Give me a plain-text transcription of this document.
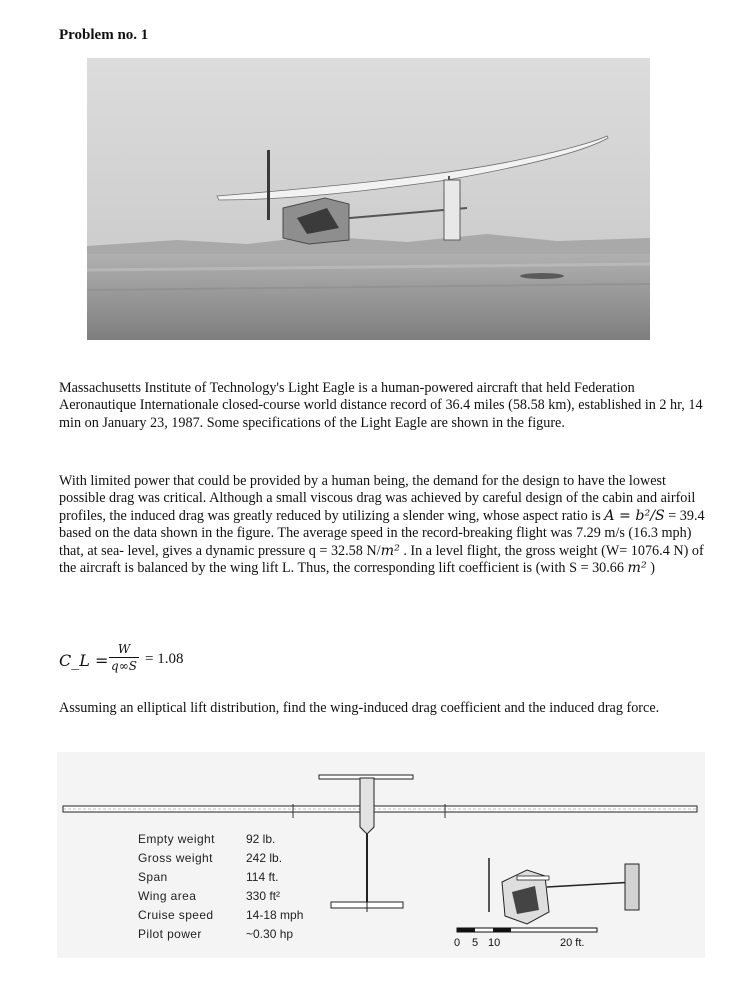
Problem no. 1
Massachusetts Institute of Technology's Light Eagle is a human-powered aircraft that held Federation Aeronautique Internationale closed-course world distance record of 36.4 miles (58.58 km), established in 2 hr, 14 min on January 23, 1987. Some specifications of the Light Eagle are shown in the figure.
With limited power that could be provided by a human being, the demand for the design to have the lowest possible drag was critical. Although a small viscous drag was achieved by careful design of the cabin and airfoil profiles, the induced drag was greatly reduced by utilizing a slender wing, whose aspect ratio is A = b²/S = 39.4 based on the data shown in the figure. The average speed in the record-breaking flight was 7.29 m/s (16.3 mph) that, at sea- level, gives a dynamic pressure q = 32.58 N/m² . In a level flight, the gross weight (W= 1076.4 N) of the aircraft is balanced by the wing lift L. Thus, the corresponding lift coefficient is (with S = 30.66 m² )
C_L = $\frac{W}{q\infty S} = 1.08$
Assuming an elliptical lift distribution, find the wing-induced drag coefficient and the induced drag force.
Empty weight	92 lb.
Gross weight	242 lb.
Span	114 ft.
Wing area	330 ft²
Cruise speed	14-18 mph
Pilot power	~0.30 hp
0 5 10	20 ft.
